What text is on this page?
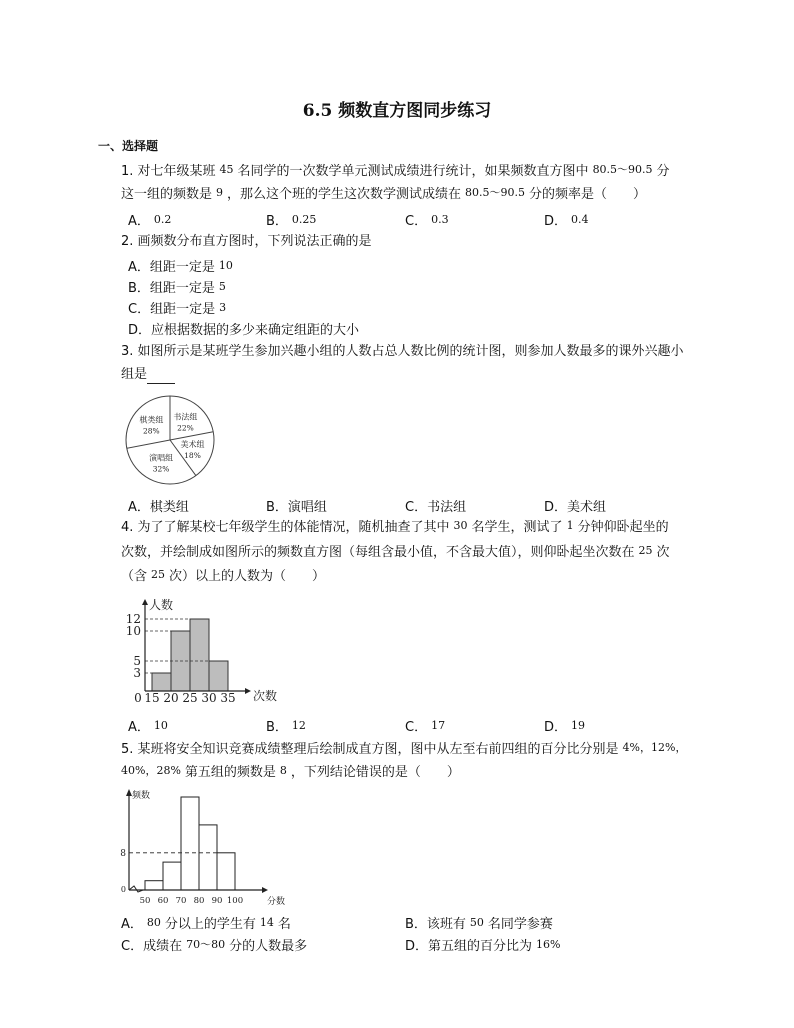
6.5 频数直方图同步练习
一、选择题
1. 对七年级某班 45 名同学的一次数学单元测试成绩进行统计，如果频数直方图中 80.5～90.5 分
这一组的频数是 9 ，那么这个班的学生这次数学测试成绩在 80.5～90.5 分的频率是（　　）
A． 0.2	B． 0.25	C． 0.3	D． 0.4
2. 画频数分布直方图时，下列说法正确的是
A．组距一定是 10
B．组距一定是 5
C．组距一定是 3
D．应根据数据的多少来确定组距的大小
3. 如图所示是某班学生参加兴趣小组的人数占总人数比例的统计图，则参加人数最多的课外兴趣小
组是
书法组
22%
美术组
18%
演唱组
32%
棋类组
28%
A．棋类组	B．演唱组	C．书法组	D．美术组
4. 为了了解某校七年级学生的体能情况，随机抽查了其中 30 名学生，测试了 1 分钟仰卧起坐的
次数，并绘制成如图所示的频数直方图（每组含最小值，不含最大值），则仰卧起坐次数在 25 次
（含 25 次）以上的人数为（　　）
人数
次数
3
5
10
12
0 15 20 25 30 35
A． 10	B． 12	C． 17	D． 19
5. 某班将安全知识竞赛成绩整理后绘制成直方图，图中从左至右前四组的百分比分别是 4%，12%，
40%，28% 第五组的频数是 8 ，下列结论错误的是（　　）
频数
分数
0
8
50 60 70 80 90 100
A． 80 分以上的学生有 14 名	B．该班有 50 名同学参赛
C．成绩在 70～80 分的人数最多	D．第五组的百分比为 16%
